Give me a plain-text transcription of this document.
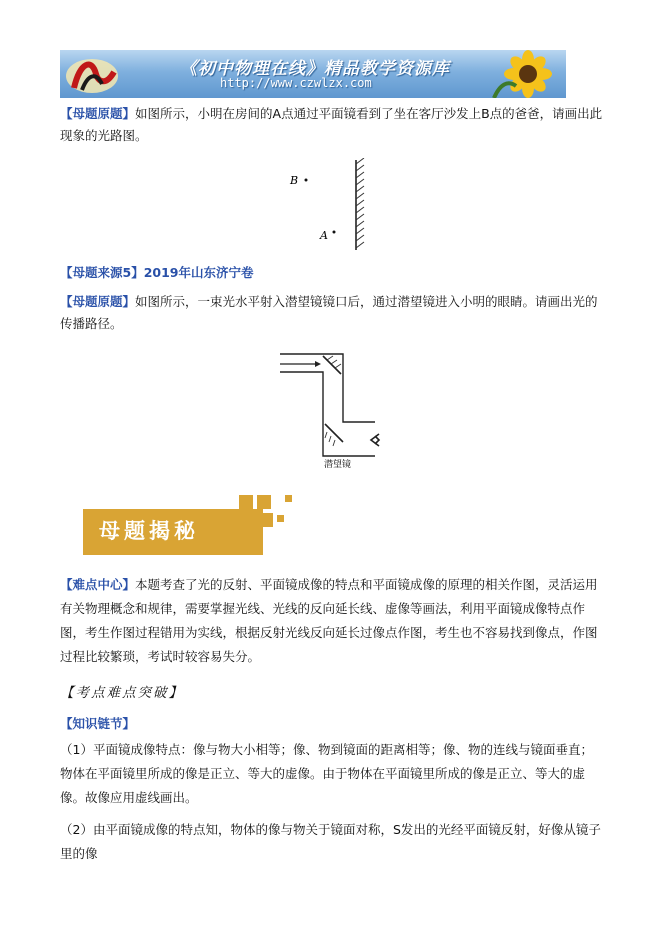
《初中物理在线》精品教学资源库
http://www.czwlzx.com

【母题原题】如图所示，小明在房间的A点通过平面镜看到了坐在客厅沙发上B点的爸爸，请画出此现象的光路图。

B
A
【母题来源5】2019年山东济宁卷

【母题原题】如图所示，一束光水平射入潜望镜镜口后，通过潜望镜进入小明的眼睛。请画出光的传播路径。

潜望镜
母题揭秘

【难点中心】本题考查了光的反射、平面镜成像的特点和平面镜成像的原理的相关作图，灵活运用有关物理概念和规律，需要掌握光线、光线的反向延长线、虚像等画法，利用平面镜成像特点作图，考生作图过程错用为实线，根据反射光线反向延长过像点作图，考生也不容易找到像点，作图过程比较繁琐，考试时较容易失分。

【考点难点突破】
【知识链节】

（1）平面镜成像特点：像与物大小相等；像、物到镜面的距离相等；像、物的连线与镜面垂直；物体在平面镜里所成的像是正立、等大的虚像。由于物体在平面镜里所成的像是正立、等大的虚像。故像应用虚线画出。

（2）由平面镜成像的特点知，物体的像与物关于镜面对称，S发出的光经平面镜反射，好像从镜子里的像
